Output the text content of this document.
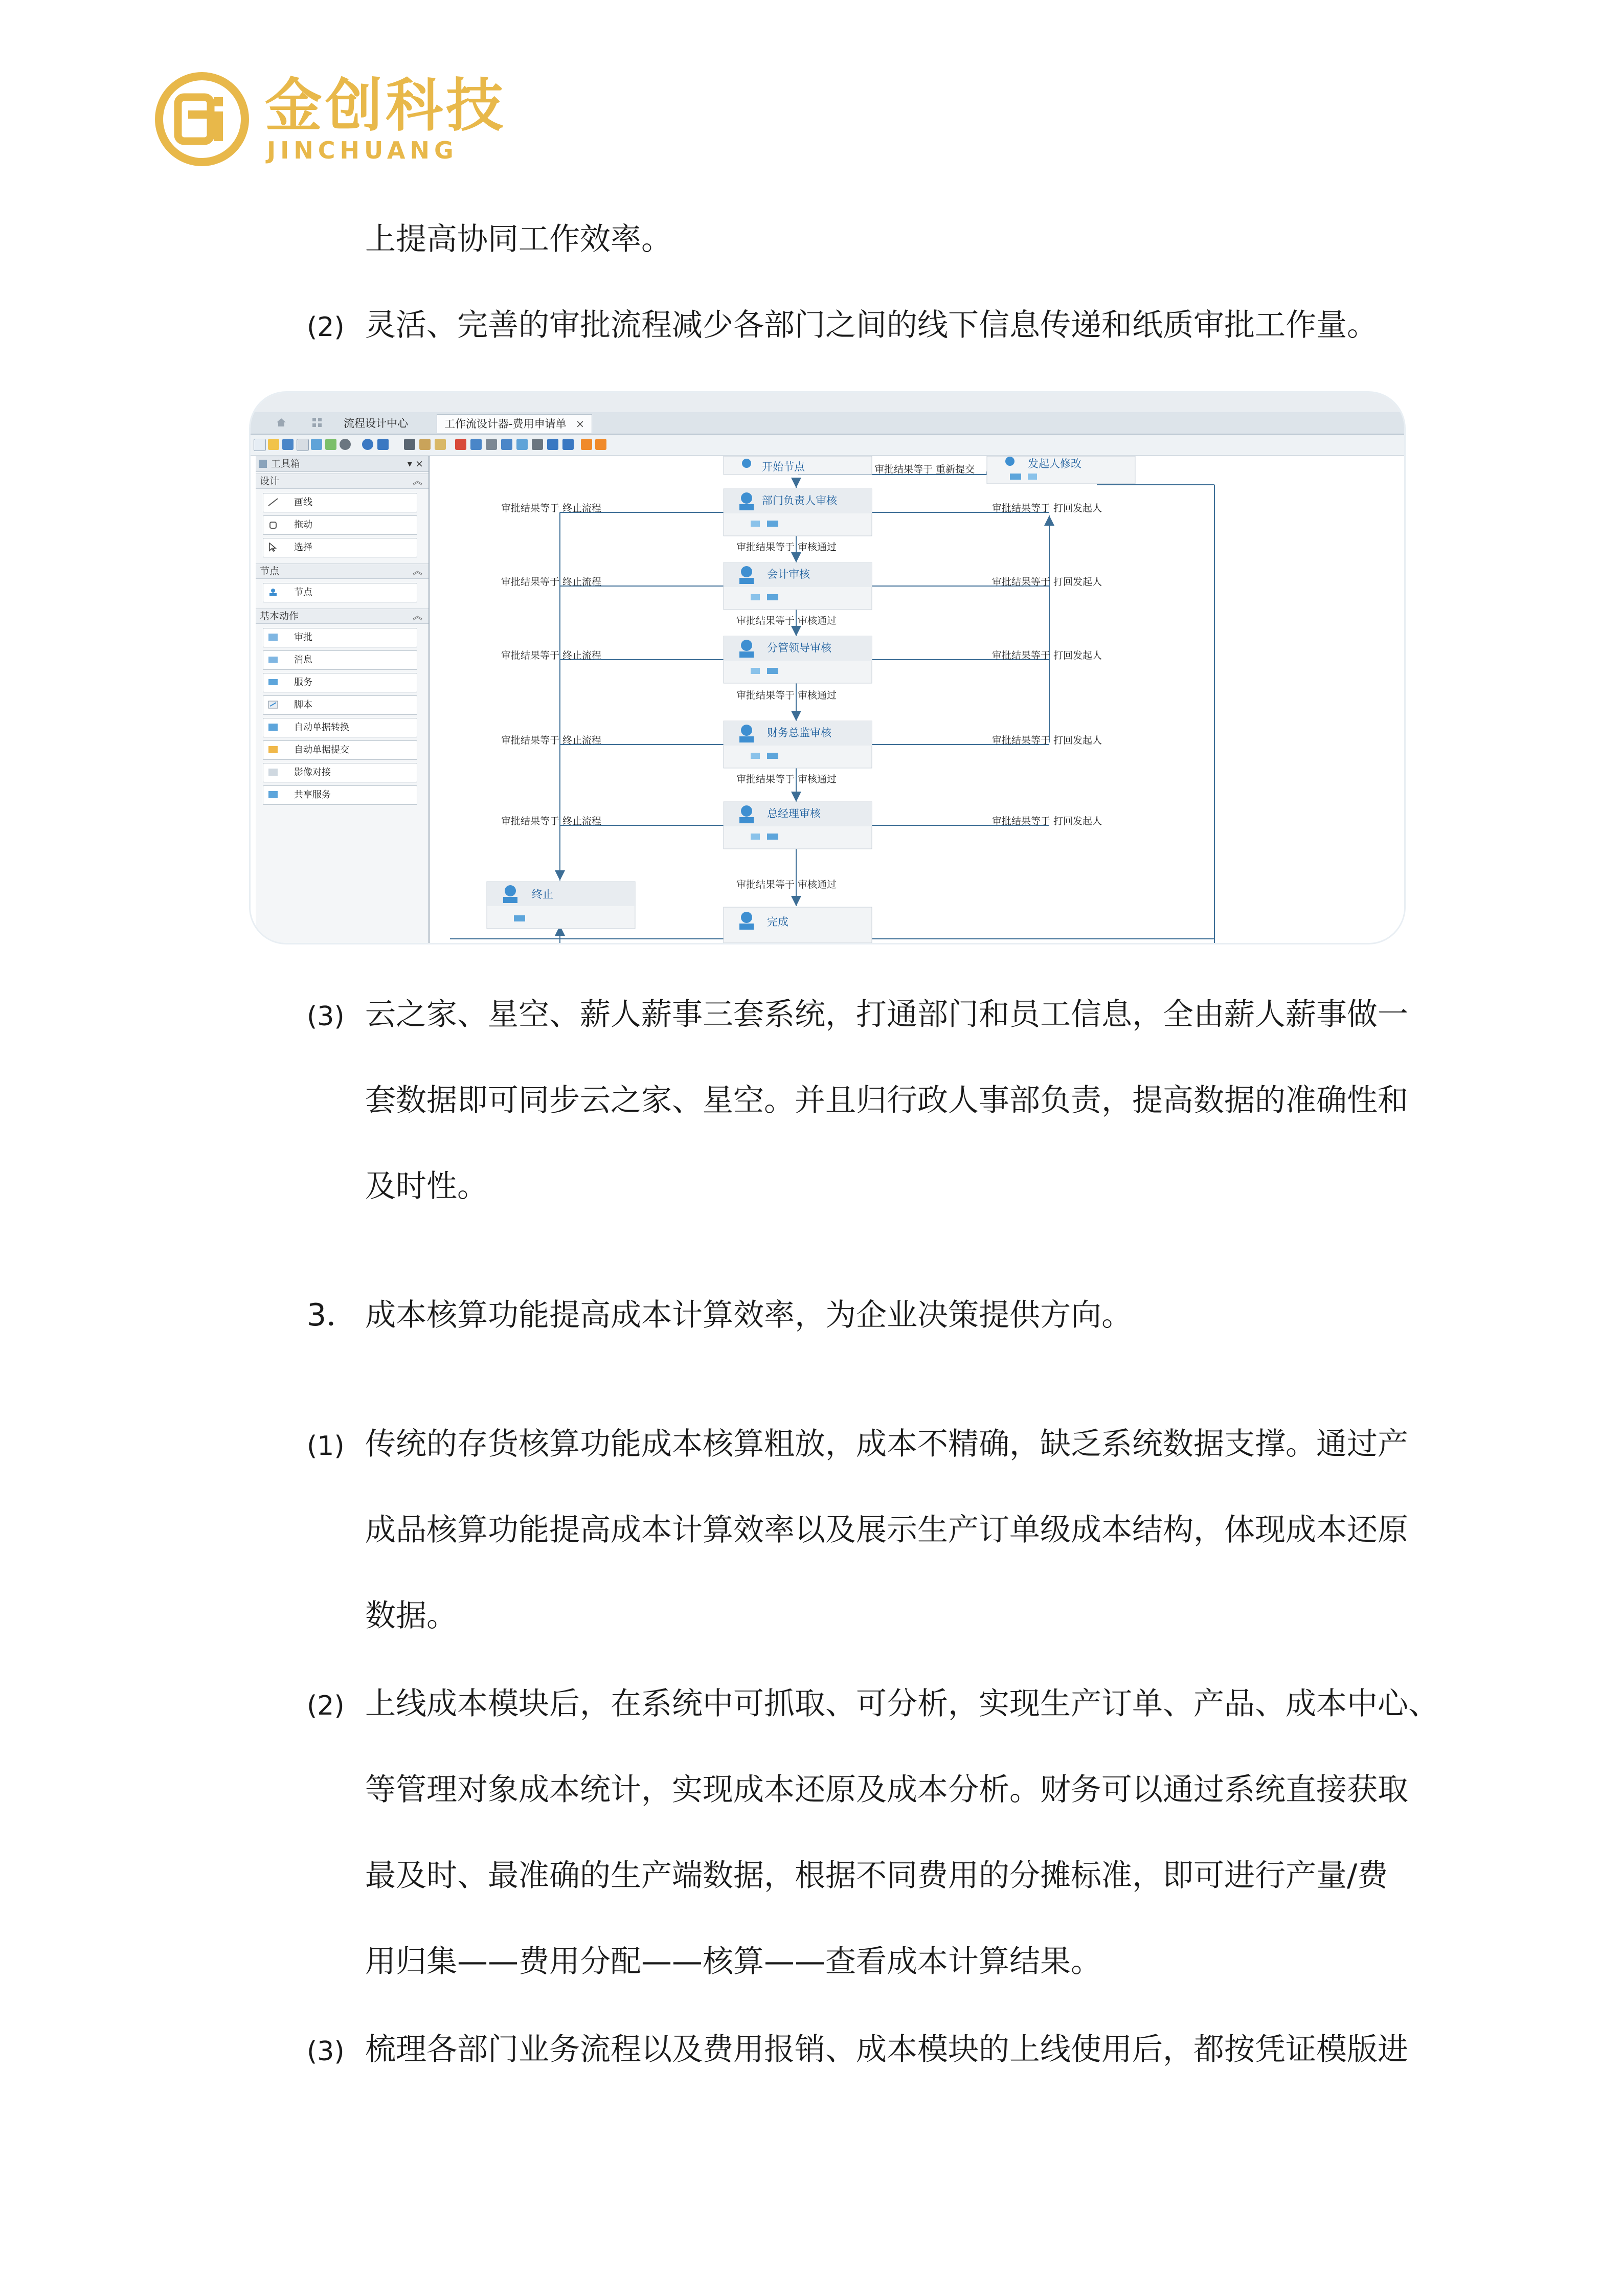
金创科技
JINCHUANG
上提高协同工作效率。
(2) 灵活、完善的审批流程减少各部门之间的线下信息传递和纸质审批工作量。
流程设计中心	工作流设计器-费用申请单 ×
工具箱	▾ ×
设计	︽
画线
拖动
选择
节点	︽
节点
基本动作	︽
审批
消息
服务
脚本
自动单据转换
自动单据提交
影像对接
共享服务
开始节点
部门负责人审核
会计审核
分管领导审核
财务总监审核
总经理审核
完成
终止
发起人修改
审批结果等于 终止流程
审批结果等于 终止流程
审批结果等于 终止流程
审批结果等于 终止流程
审批结果等于 终止流程
审批结果等于 审核通过
审批结果等于 审核通过
审批结果等于 审核通过
审批结果等于 审核通过
审批结果等于 审核通过
审批结果等于 打回发起人
审批结果等于 打回发起人
审批结果等于 打回发起人
审批结果等于 打回发起人
审批结果等于 打回发起人
审批结果等于 重新提交
(3) 云之家、星空、薪人薪事三套系统，打通部门和员工信息，全由薪人薪事做一
套数据即可同步云之家、星空。并且归行政人事部负责，提高数据的准确性和
及时性。
3． 成本核算功能提高成本计算效率，为企业决策提供方向。
(1) 传统的存货核算功能成本核算粗放，成本不精确，缺乏系统数据支撑。通过产
成品核算功能提高成本计算效率以及展示生产订单级成本结构，体现成本还原
数据。
(2) 上线成本模块后，在系统中可抓取、可分析，实现生产订单、产品、成本中心、
等管理对象成本统计，实现成本还原及成本分析。财务可以通过系统直接获取
最及时、最准确的生产端数据，根据不同费用的分摊标准，即可进行产量/费
用归集——费用分配——核算——查看成本计算结果。
(3) 梳理各部门业务流程以及费用报销、成本模块的上线使用后，都按凭证模版进
